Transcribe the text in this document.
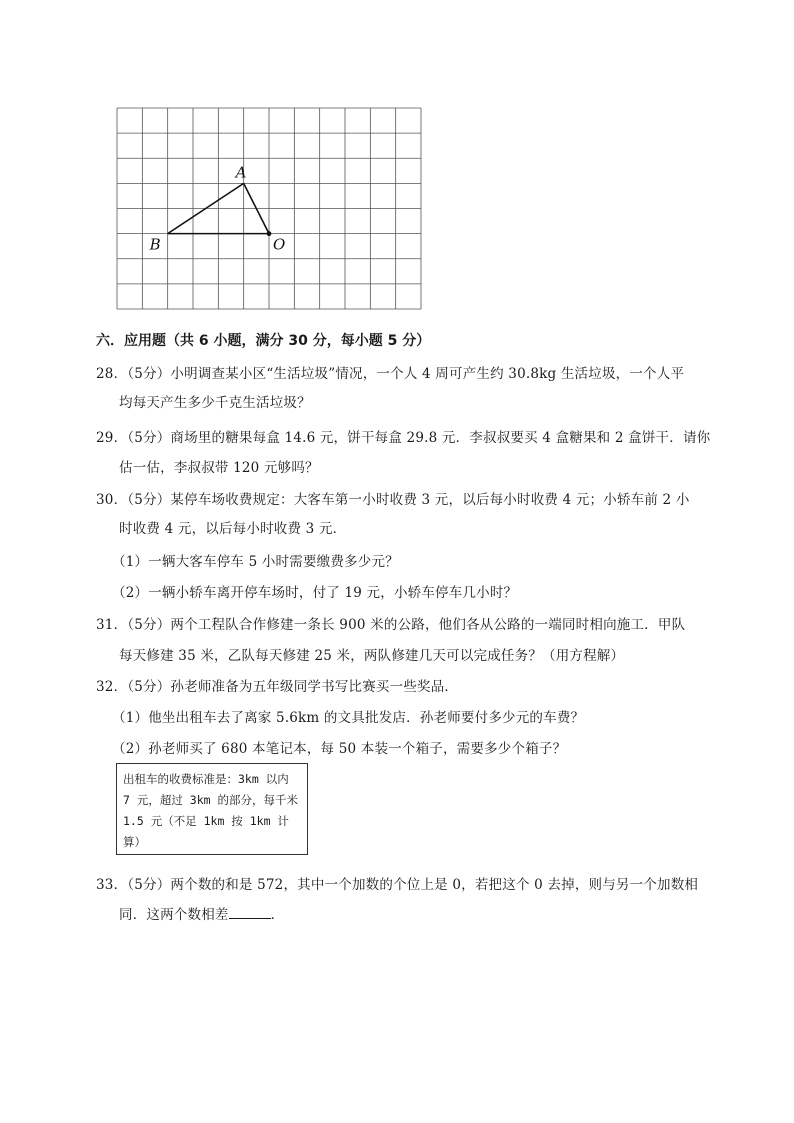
A
B	O
六．应用题（共 6 小题，满分 30 分，每小题 5 分）
28．（5分）小明调查某小区“生活垃圾”情况，一个人 4 周可产生约 30.8kg 生活垃圾，一个人平
均每天产生多少千克生活垃圾？
29．（5分）商场里的糖果每盒 14.6 元，饼干每盒 29.8 元．李叔叔要买 4 盒糖果和 2 盒饼干．请你
估一估，李叔叔带 120 元够吗？
30．（5分）某停车场收费规定：大客车第一小时收费 3 元，以后每小时收费 4 元；小轿车前 2 小
时收费 4 元，以后每小时收费 3 元．
（1）一辆大客车停车 5 小时需要缴费多少元？
（2）一辆小轿车离开停车场时，付了 19 元，小轿车停车几小时？
31．（5分）两个工程队合作修建一条长 900 米的公路，他们各从公路的一端同时相向施工．甲队
每天修建 35 米，乙队每天修建 25 米，两队修建几天可以完成任务？（用方程解）
32．（5分）孙老师准备为五年级同学书写比赛买一些奖品．
（1）他坐出租车去了离家 5.6km 的文具批发店．孙老师要付多少元的车费？
（2）孙老师买了 680 本笔记本，每 50 本装一个箱子，需要多少个箱子？
出租车的收费标准是：3km 以内 7 元，超过 3km 的部分，每千米 1.5 元（不足 1km 按 1km 计算）
33．（5分）两个数的和是 572，其中一个加数的个位上是 0，若把这个 0 去掉，则与另一个加数相
同．这两个数相差	．
